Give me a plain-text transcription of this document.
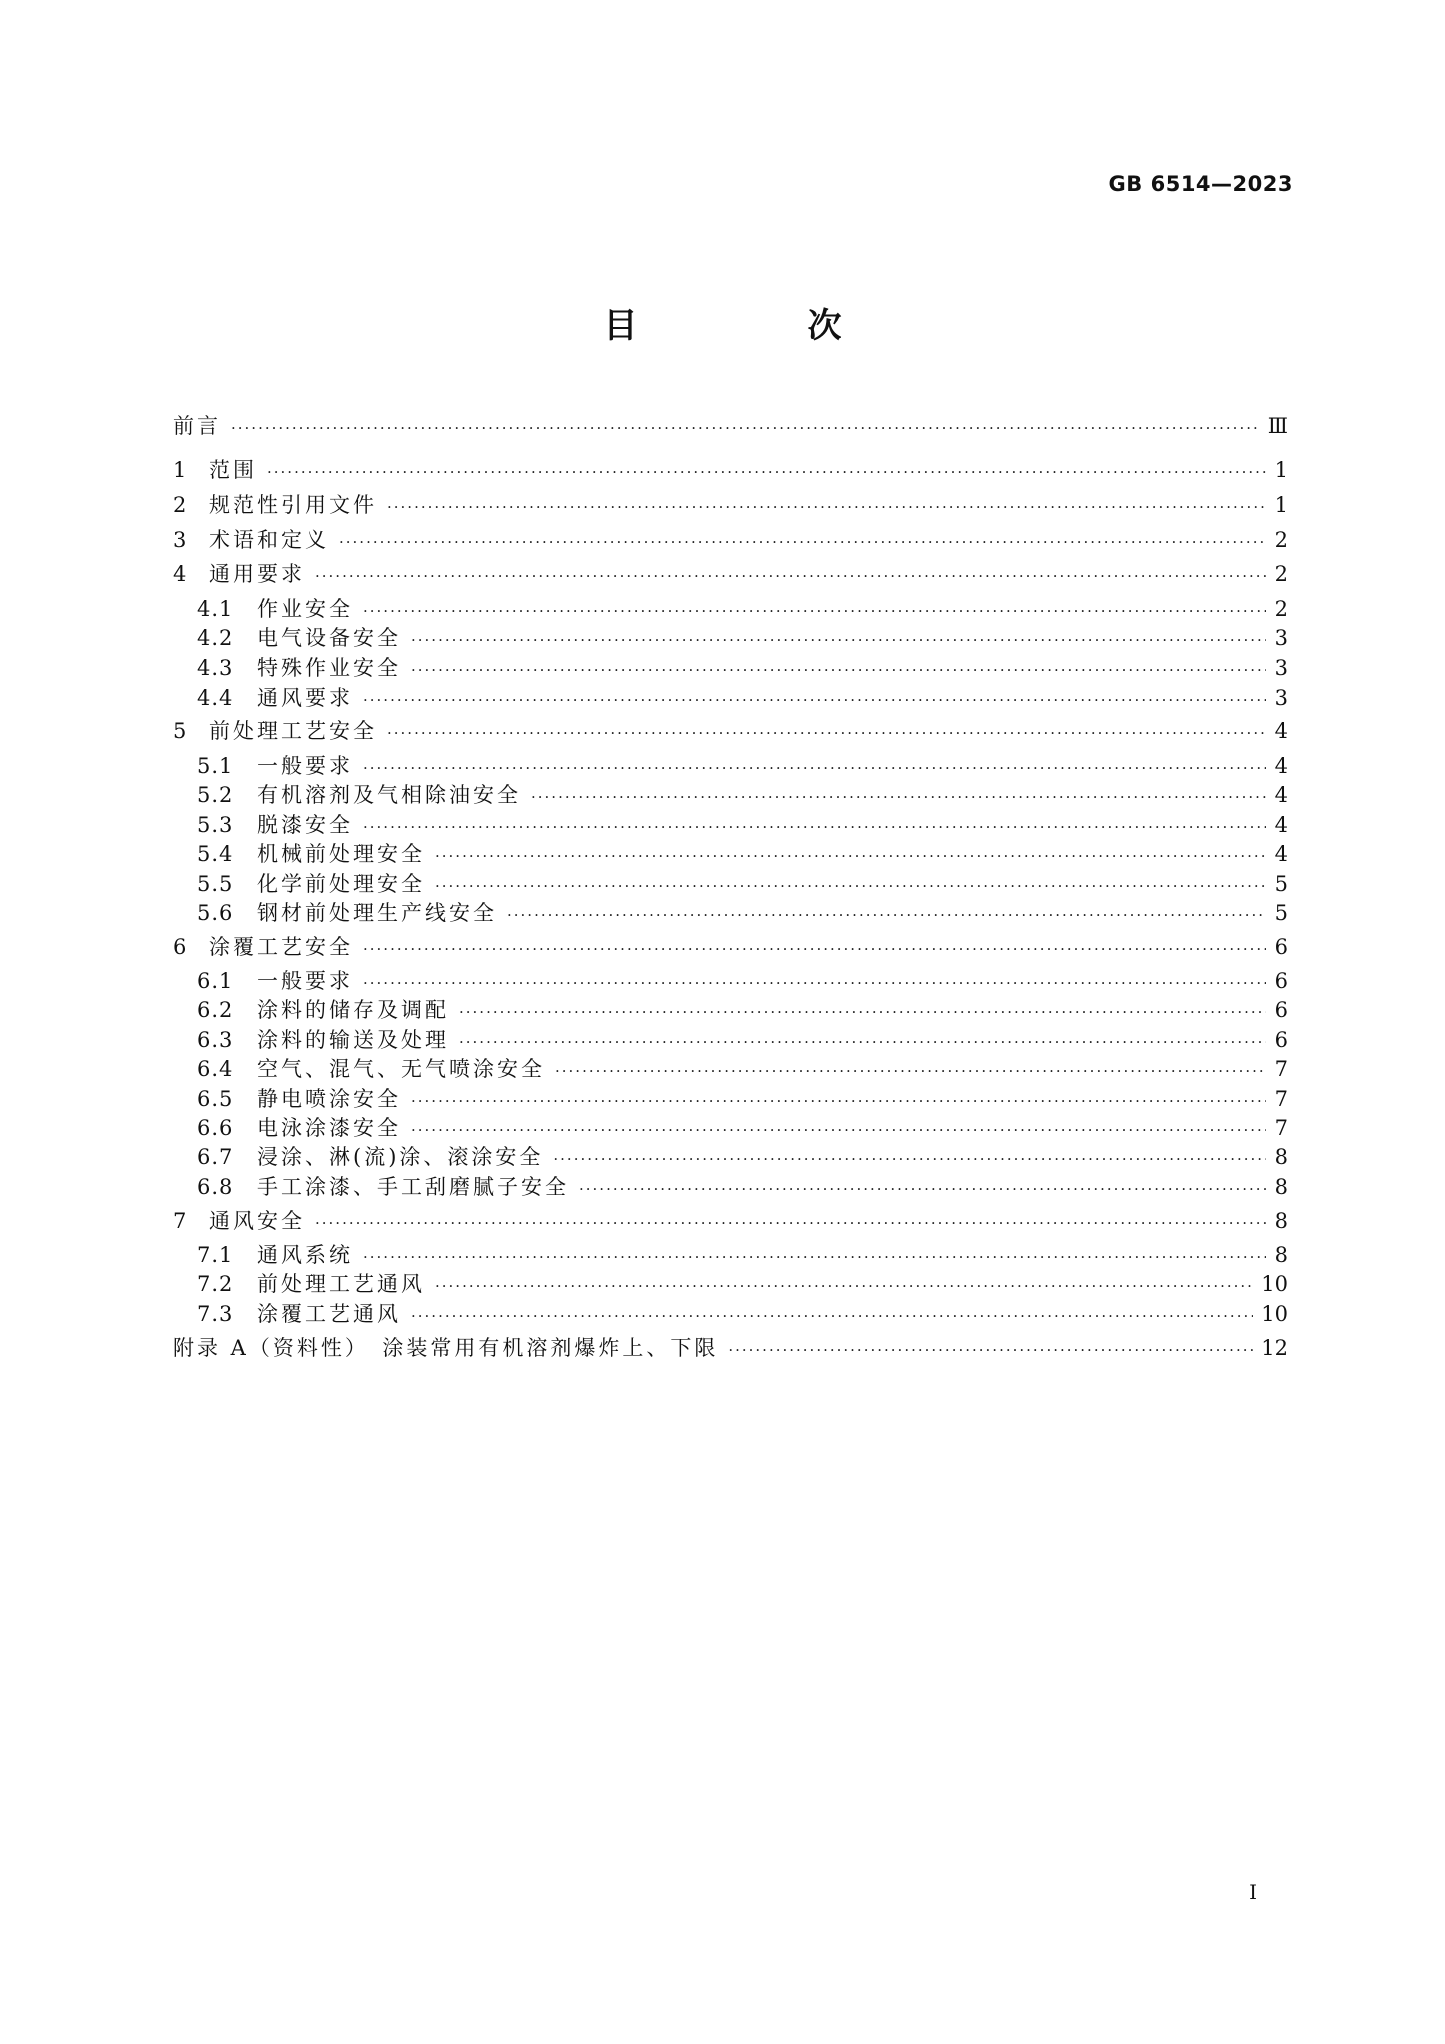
GB 6514—2023
目　次
前言 ·····	Ⅲ
1	范围 ·····	1
2	规范性引用文件 ·····	1
3	术语和定义 ·····	2
4	通用要求 ·····	2
4.1	作业安全 ·····	2
4.2	电气设备安全 ·····	3
4.3	特殊作业安全 ·····	3
4.4	通风要求 ·····	3
5	前处理工艺安全 ·····	4
5.1	一般要求 ·····	4
5.2	有机溶剂及气相除油安全 ·····	4
5.3	脱漆安全 ·····	4
5.4	机械前处理安全 ·····	4
5.5	化学前处理安全 ·····	5
5.6	钢材前处理生产线安全 ·····	5
6	涂覆工艺安全 ·····	6
6.1	一般要求 ·····	6
6.2	涂料的储存及调配 ·····	6
6.3	涂料的输送及处理 ·····	6
6.4	空气、混气、无气喷涂安全 ·····	7
6.5	静电喷涂安全 ·····	7
6.6	电泳涂漆安全 ·····	7
6.7	浸涂、淋(流)涂、滚涂安全 ·····	8
6.8	手工涂漆、手工刮磨腻子安全 ·····	8
7	通风安全 ·····	8
7.1	通风系统 ·····	8
7.2	前处理工艺通风 ·····	10
7.3	涂覆工艺通风 ·····	10
附录 A（资料性）　涂装常用有机溶剂爆炸上、下限 ·····	12
I
